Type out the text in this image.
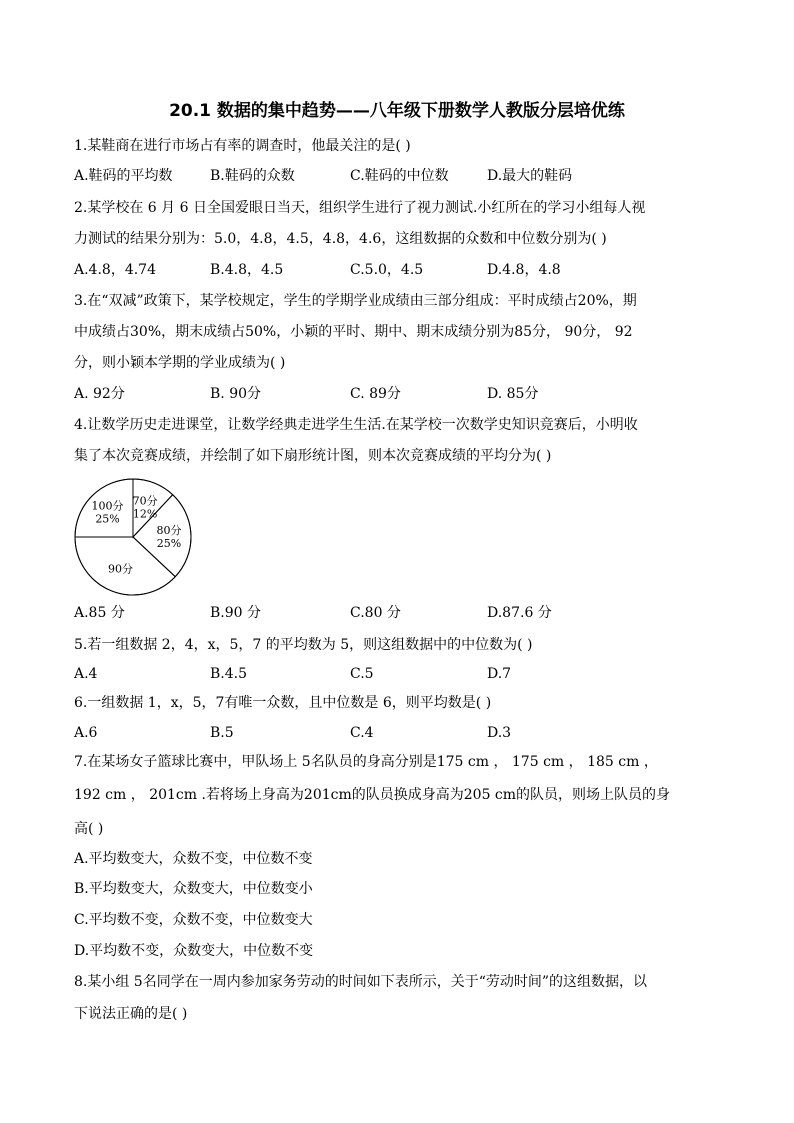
20.1 数据的集中趋势——八年级下册数学人教版分层培优练
1.某鞋商在进行市场占有率的调查时，他最关注的是( )
A.鞋码的平均数	B.鞋码的众数	C.鞋码的中位数	D.最大的鞋码
2.某学校在 6 月 6 日全国爱眼日当天，组织学生进行了视力测试.小红所在的学习小组每人视
力测试的结果分别为：5.0，4.8，4.5，4.8，4.6，这组数据的众数和中位数分别为( )
A.4.8，4.74	B.4.8，4.5	C.5.0，4.5	D.4.8，4.8
3.在“双减”政策下，某学校规定，学生的学期学业成绩由三部分组成：平时成绩占20%，期
中成绩占30%，期末成绩占50%，小颖的平时、期中、期末成绩分别为85分， 90分， 92
分，则小颖本学期的学业成绩为( )
A. 92分	B. 90分	C. 89分	D. 85分
4.让数学历史走进课堂，让数学经典走进学生生活.在某学校一次数学史知识竞赛后，小明收
集了本次竞赛成绩，并绘制了如下扇形统计图，则本次竞赛成绩的平均分为( )
70分
12%
80分
25%
90分
100分
25%
A.85 分	B.90 分	C.80 分	D.87.6 分
5.若一组数据 2，4，x，5，7 的平均数为 5，则这组数据中的中位数为( )
A.4	B.4.5	C.5	D.7
6.一组数据 1，x，5，7有唯一众数，且中位数是 6，则平均数是( )
A.6	B.5	C.4	D.3
7.在某场女子篮球比赛中，甲队场上 5名队员的身高分别是175 cm ， 175 cm ， 185 cm ，
192 cm ， 201cm .若将场上身高为201cm的队员换成身高为205 cm的队员，则场上队员的身
高( )
A.平均数变大，众数不变，中位数不变
B.平均数变大，众数变大，中位数变小
C.平均数不变，众数不变，中位数变大
D.平均数不变，众数变大，中位数不变
8.某小组 5名同学在一周内参加家务劳动的时间如下表所示，关于“劳动时间”的这组数据，以
下说法正确的是( )
